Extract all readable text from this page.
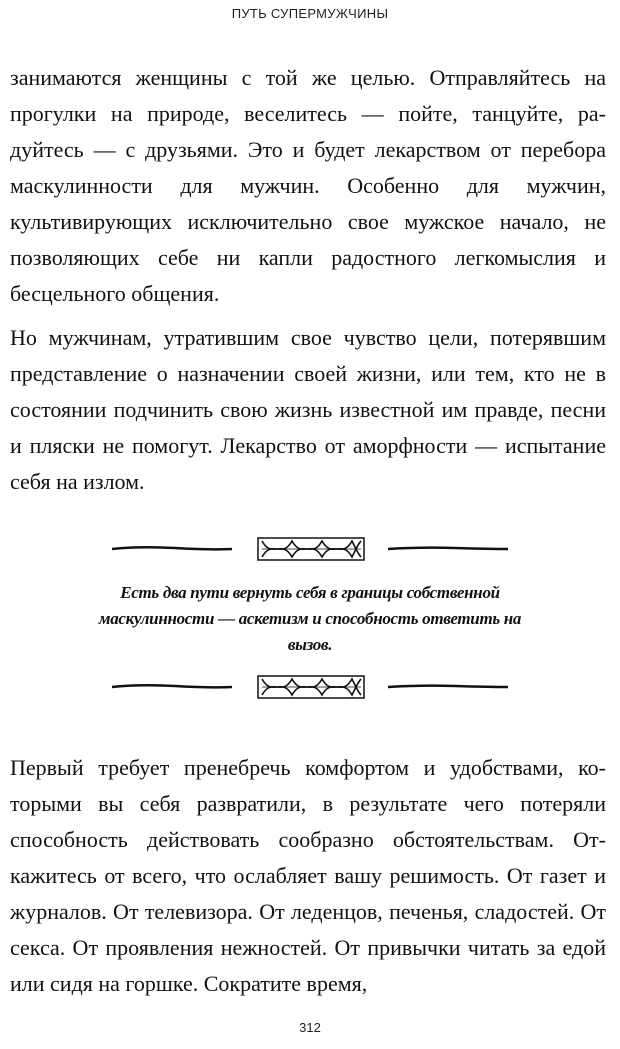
ПУТЬ СУПЕРМУЖЧИНЫ

занимаются женщины с той же целью. Отправляйтесь на прогулки на природе, веселитесь — пойте, танцуйте, радуйтесь — с друзьями. Это и будет лекарством от перебора маскулинности для мужчин. Особенно для мужчин, культивирующих исключительно свое мужское начало, не позволяющих себе ни капли радостного легкомыслия и бесцельного общения.

Но мужчинам, утратившим свое чувство цели, потерявшим представление о назначении своей жизни, или тем, кто не в состоянии подчинить свою жизнь известной им правде, песни и пляски не помогут. Лекарство от аморфности — испытание себя на излом.

Есть два пути вернуть себя в границы собственной маскулинности — аскетизм и способность ответить на вызов.

Первый требует пренебречь комфортом и удобствами, которыми вы себя развратили, в результате чего потеряли способность действовать сообразно обстоятельствам. Откажитесь от всего, что ослабляет вашу решимость. От газет и журналов. От телевизора. От леденцов, печенья, сладостей. От секса. От проявления нежностей. От привычки читать за едой или сидя на горшке. Сократите время,

312
